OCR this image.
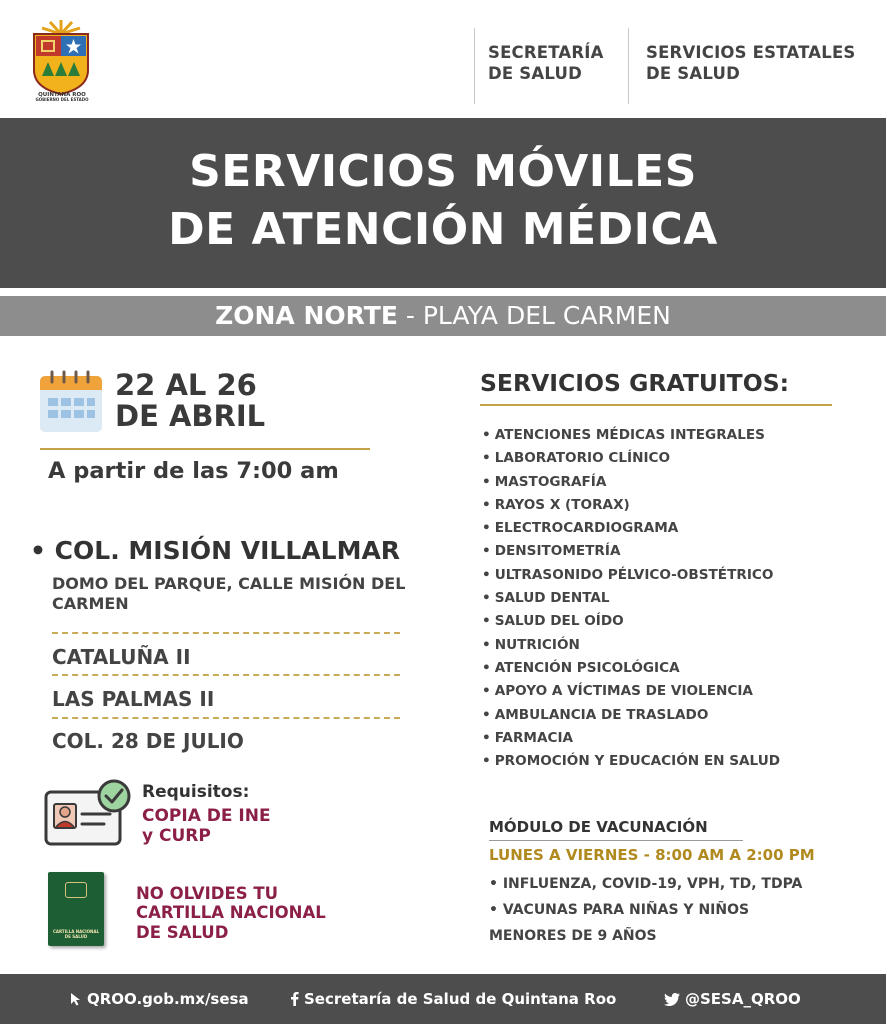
QUINTANA ROO
GOBIERNO DEL ESTADO
SECRETARÍA
DE SALUD
SERVICIOS ESTATALES
DE SALUD
SERVICIOS MÓVILES
DE ATENCIÓN MÉDICA
ZONA NORTE - PLAYA DEL CARMEN
22 AL 26
DE ABRIL
A partir de las 7:00 am
• COL. MISIÓN VILLALMAR
DOMO DEL PARQUE, CALLE MISIÓN DEL CARMEN
CATALUÑA II
LAS PALMAS II
COL. 28 DE JULIO
Requisitos:
COPIA DE INE
y CURP
CARTILLA NACIONAL DE SALUD
NO OLVIDES TU
CARTILLA NACIONAL
DE SALUD
SERVICIOS GRATUITOS:
• ATENCIONES MÉDICAS INTEGRALES
• LABORATORIO CLÍNICO
• MASTOGRAFÍA
• RAYOS X (TORAX)
• ELECTROCARDIOGRAMA
• DENSITOMETRÍA
• ULTRASONIDO PÉLVICO-OBSTÉTRICO
• SALUD DENTAL
• SALUD DEL OÍDO
• NUTRICIÓN
• ATENCIÓN PSICOLÓGICA
• APOYO A VÍCTIMAS DE VIOLENCIA
• AMBULANCIA DE TRASLADO
• FARMACIA
• PROMOCIÓN Y EDUCACIÓN EN SALUD
MÓDULO DE VACUNACIÓN
LUNES A VIERNES - 8:00 AM A 2:00 PM
• INFLUENZA, COVID-19, VPH, TD, TDPA
• VACUNAS PARA NIÑAS Y NIÑOS
MENORES DE 9 AÑOS
QROO.gob.mx/sesa	Secretaría de Salud de Quintana Roo	@SESA_QROO
